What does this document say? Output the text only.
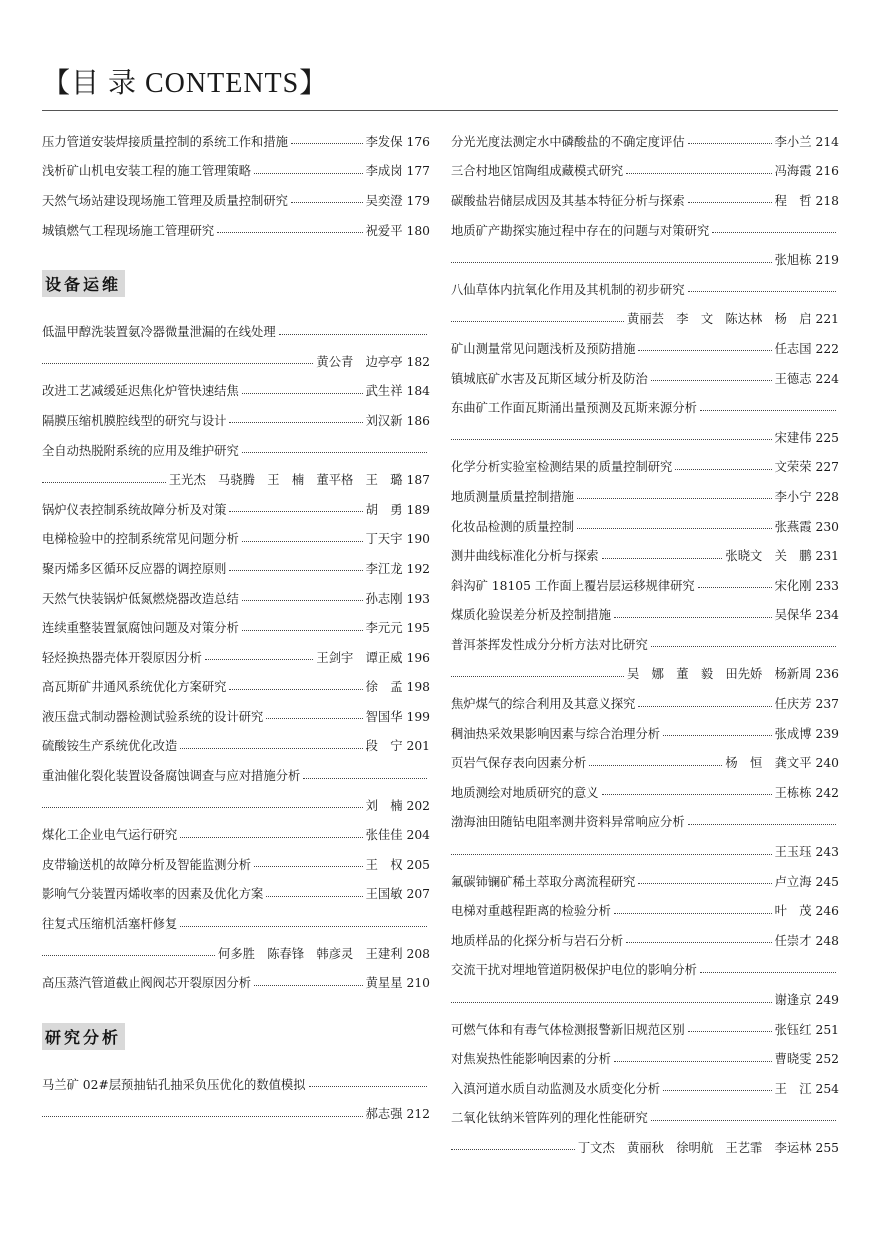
【目 录 CONTENTS】
压力管道安装焊接质量控制的系统工作和措施	李发保 176
浅析矿山机电安装工程的施工管理策略	李成岗 177
天然气场站建设现场施工管理及质量控制研究	吴奕澄 179
城镇燃气工程现场施工管理研究	祝爱平 180
设备运维
低温甲醇洗装置氨冷器微量泄漏的在线处理
黄公青　边亭亭 182
改进工艺减缓延迟焦化炉管快速结焦	武生祥 184
隔膜压缩机膜腔线型的研究与设计	刘汉新 186
全自动热脱附系统的应用及维护研究
王光杰　马骁腾　王　楠　董平格　王　璐 187
锅炉仪表控制系统故障分析及对策	胡　勇 189
电梯检验中的控制系统常见问题分析	丁天宇 190
聚丙烯多区循环反应器的调控原则	李江龙 192
天然气快装锅炉低氮燃烧器改造总结	孙志刚 193
连续重整装置氯腐蚀问题及对策分析	李元元 195
轻烃换热器壳体开裂原因分析	王剑宇　谭正威 196
高瓦斯矿井通风系统优化方案研究	徐　孟 198
液压盘式制动器检测试验系统的设计研究	智国华 199
硫酸铵生产系统优化改造	段　宁 201
重油催化裂化装置设备腐蚀调查与应对措施分析
刘　楠 202
煤化工企业电气运行研究	张佳佳 204
皮带输送机的故障分析及智能监测分析	王　权 205
影响气分装置丙烯收率的因素及优化方案	王国敏 207
往复式压缩机活塞杆修复
何多胜　陈春锋　韩彦灵　王建利 208
高压蒸汽管道截止阀阀芯开裂原因分析	黄星星 210
研究分析
马兰矿 02#层预抽钻孔抽采负压优化的数值模拟
郝志强 212
分光光度法测定水中磷酸盐的不确定度评估	李小兰 214
三合村地区馆陶组成藏模式研究	冯海霞 216
碳酸盐岩储层成因及其基本特征分析与探索	程　哲 218
地质矿产勘探实施过程中存在的问题与对策研究
张旭栋 219
八仙草体内抗氧化作用及其机制的初步研究
黄丽芸　李　文　陈达林　杨　启 221
矿山测量常见问题浅析及预防措施	任志国 222
镇城底矿水害及瓦斯区域分析及防治	王德志 224
东曲矿工作面瓦斯涌出量预测及瓦斯来源分析
宋建伟 225
化学分析实验室检测结果的质量控制研究	文荣荣 227
地质测量质量控制措施	李小宁 228
化妆品检测的质量控制	张燕霞 230
测井曲线标准化分析与探索	张晓文　关　鹏 231
斜沟矿 18105 工作面上覆岩层运移规律研究	宋化刚 233
煤质化验误差分析及控制措施	吴保华 234
普洱茶挥发性成分分析方法对比研究
吴　娜　董　毅　田先娇　杨新周 236
焦炉煤气的综合利用及其意义探究	任庆芳 237
稠油热采效果影响因素与综合治理分析	张成博 239
页岩气保存表向因素分析	杨　恒　龚文平 240
地质测绘对地质研究的意义	王栋栋 242
渤海油田随钻电阻率测井资料异常响应分析
王玉珏 243
氟碳铈镧矿稀土萃取分离流程研究	卢立海 245
电梯对重越程距离的检验分析	叶　茂 246
地质样品的化探分析与岩石分析	任崇才 248
交流干扰对埋地管道阴极保护电位的影响分析
谢逢京 249
可燃气体和有毒气体检测报警新旧规范区别	张钰红 251
对焦炭热性能影响因素的分析	曹晓雯 252
入滇河道水质自动监测及水质变化分析	王　江 254
二氧化钛纳米管阵列的理化性能研究
丁文杰　黄丽秋　徐明航　王艺霏　李运林 255
